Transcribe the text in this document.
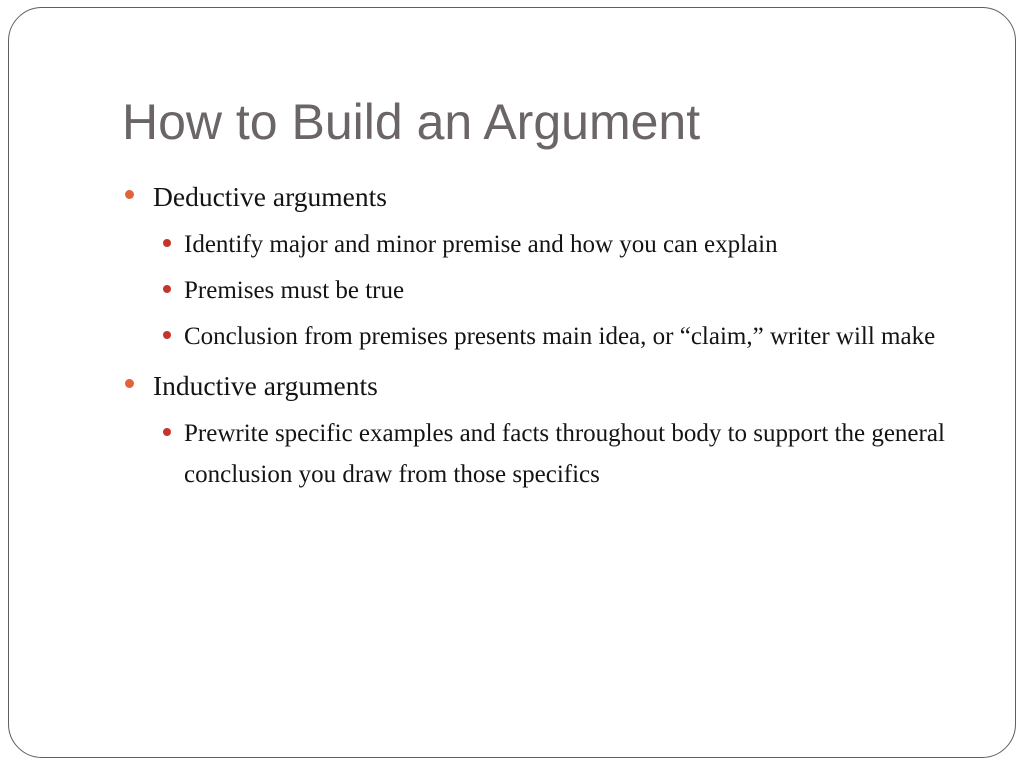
How to Build an Argument
Deductive arguments
Identify major and minor premise and how you can explain
Premises must be true
Conclusion from premises presents main idea, or “claim,” writer will make
Inductive arguments
Prewrite specific examples and facts throughout body to support the general conclusion you draw from those specifics
